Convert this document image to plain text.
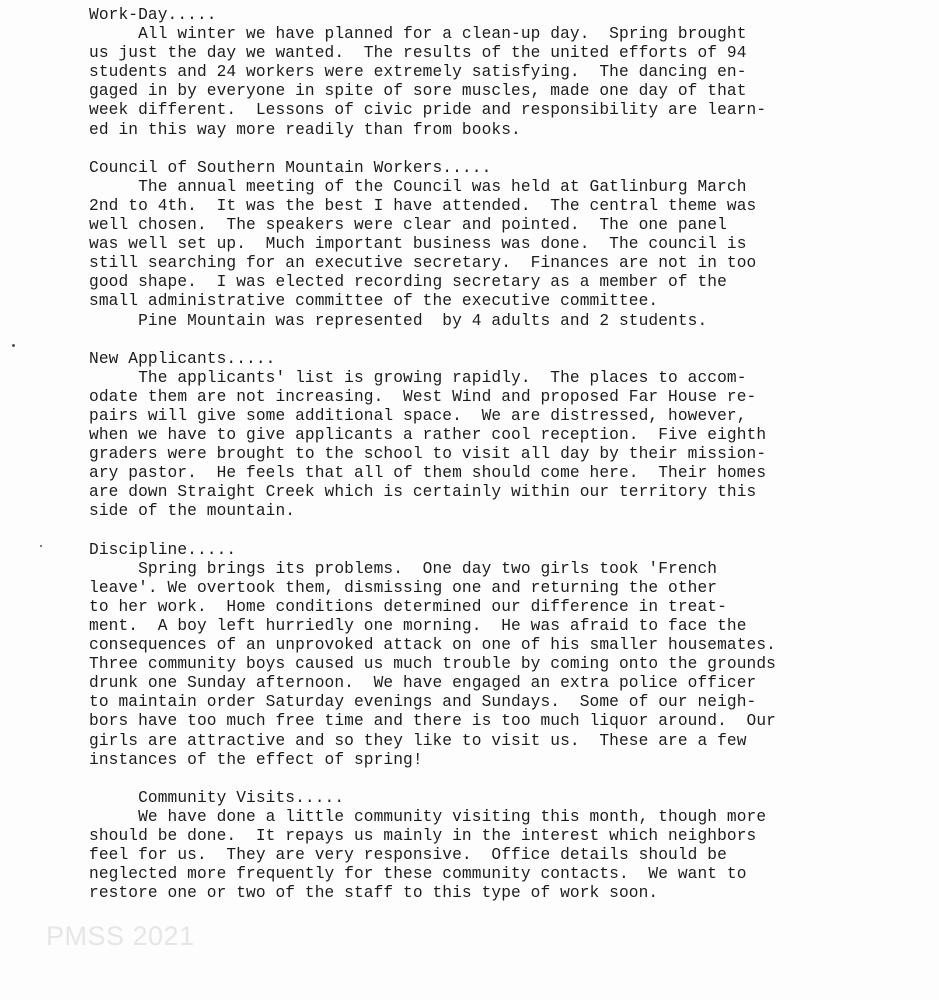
Work-Day.....
All winter we have planned for a clean-up day.  Spring brought
us just the day we wanted.  The results of the united efforts of 94
students and 24 workers were extremely satisfying.  The dancing en-
gaged in by everyone in spite of sore muscles, made one day of that
week different.  Lessons of civic pride and responsibility are learn-
ed in this way more readily than from books.
Council of Southern Mountain Workers.....
The annual meeting of the Council was held at Gatlinburg March
2nd to 4th.  It was the best I have attended.  The central theme was
well chosen.  The speakers were clear and pointed.  The one panel
was well set up.  Much important business was done.  The council is
still searching for an executive secretary.  Finances are not in too
good shape.  I was elected recording secretary as a member of the
small administrative committee of the executive committee.
Pine Mountain was represented  by 4 adults and 2 students.
New Applicants.....
The applicants' list is growing rapidly.  The places to accom-
odate them are not increasing.  West Wind and proposed Far House re-
pairs will give some additional space.  We are distressed, however,
when we have to give applicants a rather cool reception.  Five eighth
graders were brought to the school to visit all day by their mission-
ary pastor.  He feels that all of them should come here.  Their homes
are down Straight Creek which is certainly within our territory this
side of the mountain.
Discipline.....
Spring brings its problems.  One day two girls took 'French
leave'. We overtook them, dismissing one and returning the other
to her work.  Home conditions determined our difference in treat-
ment.  A boy left hurriedly one morning.  He was afraid to face the
consequences of an unprovoked attack on one of his smaller housemates.
Three community boys caused us much trouble by coming onto the grounds
drunk one Sunday afternoon.  We have engaged an extra police officer
to maintain order Saturday evenings and Sundays.  Some of our neigh-
bors have too much free time and there is too much liquor around.  Our
girls are attractive and so they like to visit us.  These are a few
instances of the effect of spring!
Community Visits.....
We have done a little community visiting this month, though more
should be done.  It repays us mainly in the interest which neighbors
feel for us.  They are very responsive.  Office details should be
neglected more frequently for these community contacts.  We want to
restore one or two of the staff to this type of work soon.
PMSS 2021
